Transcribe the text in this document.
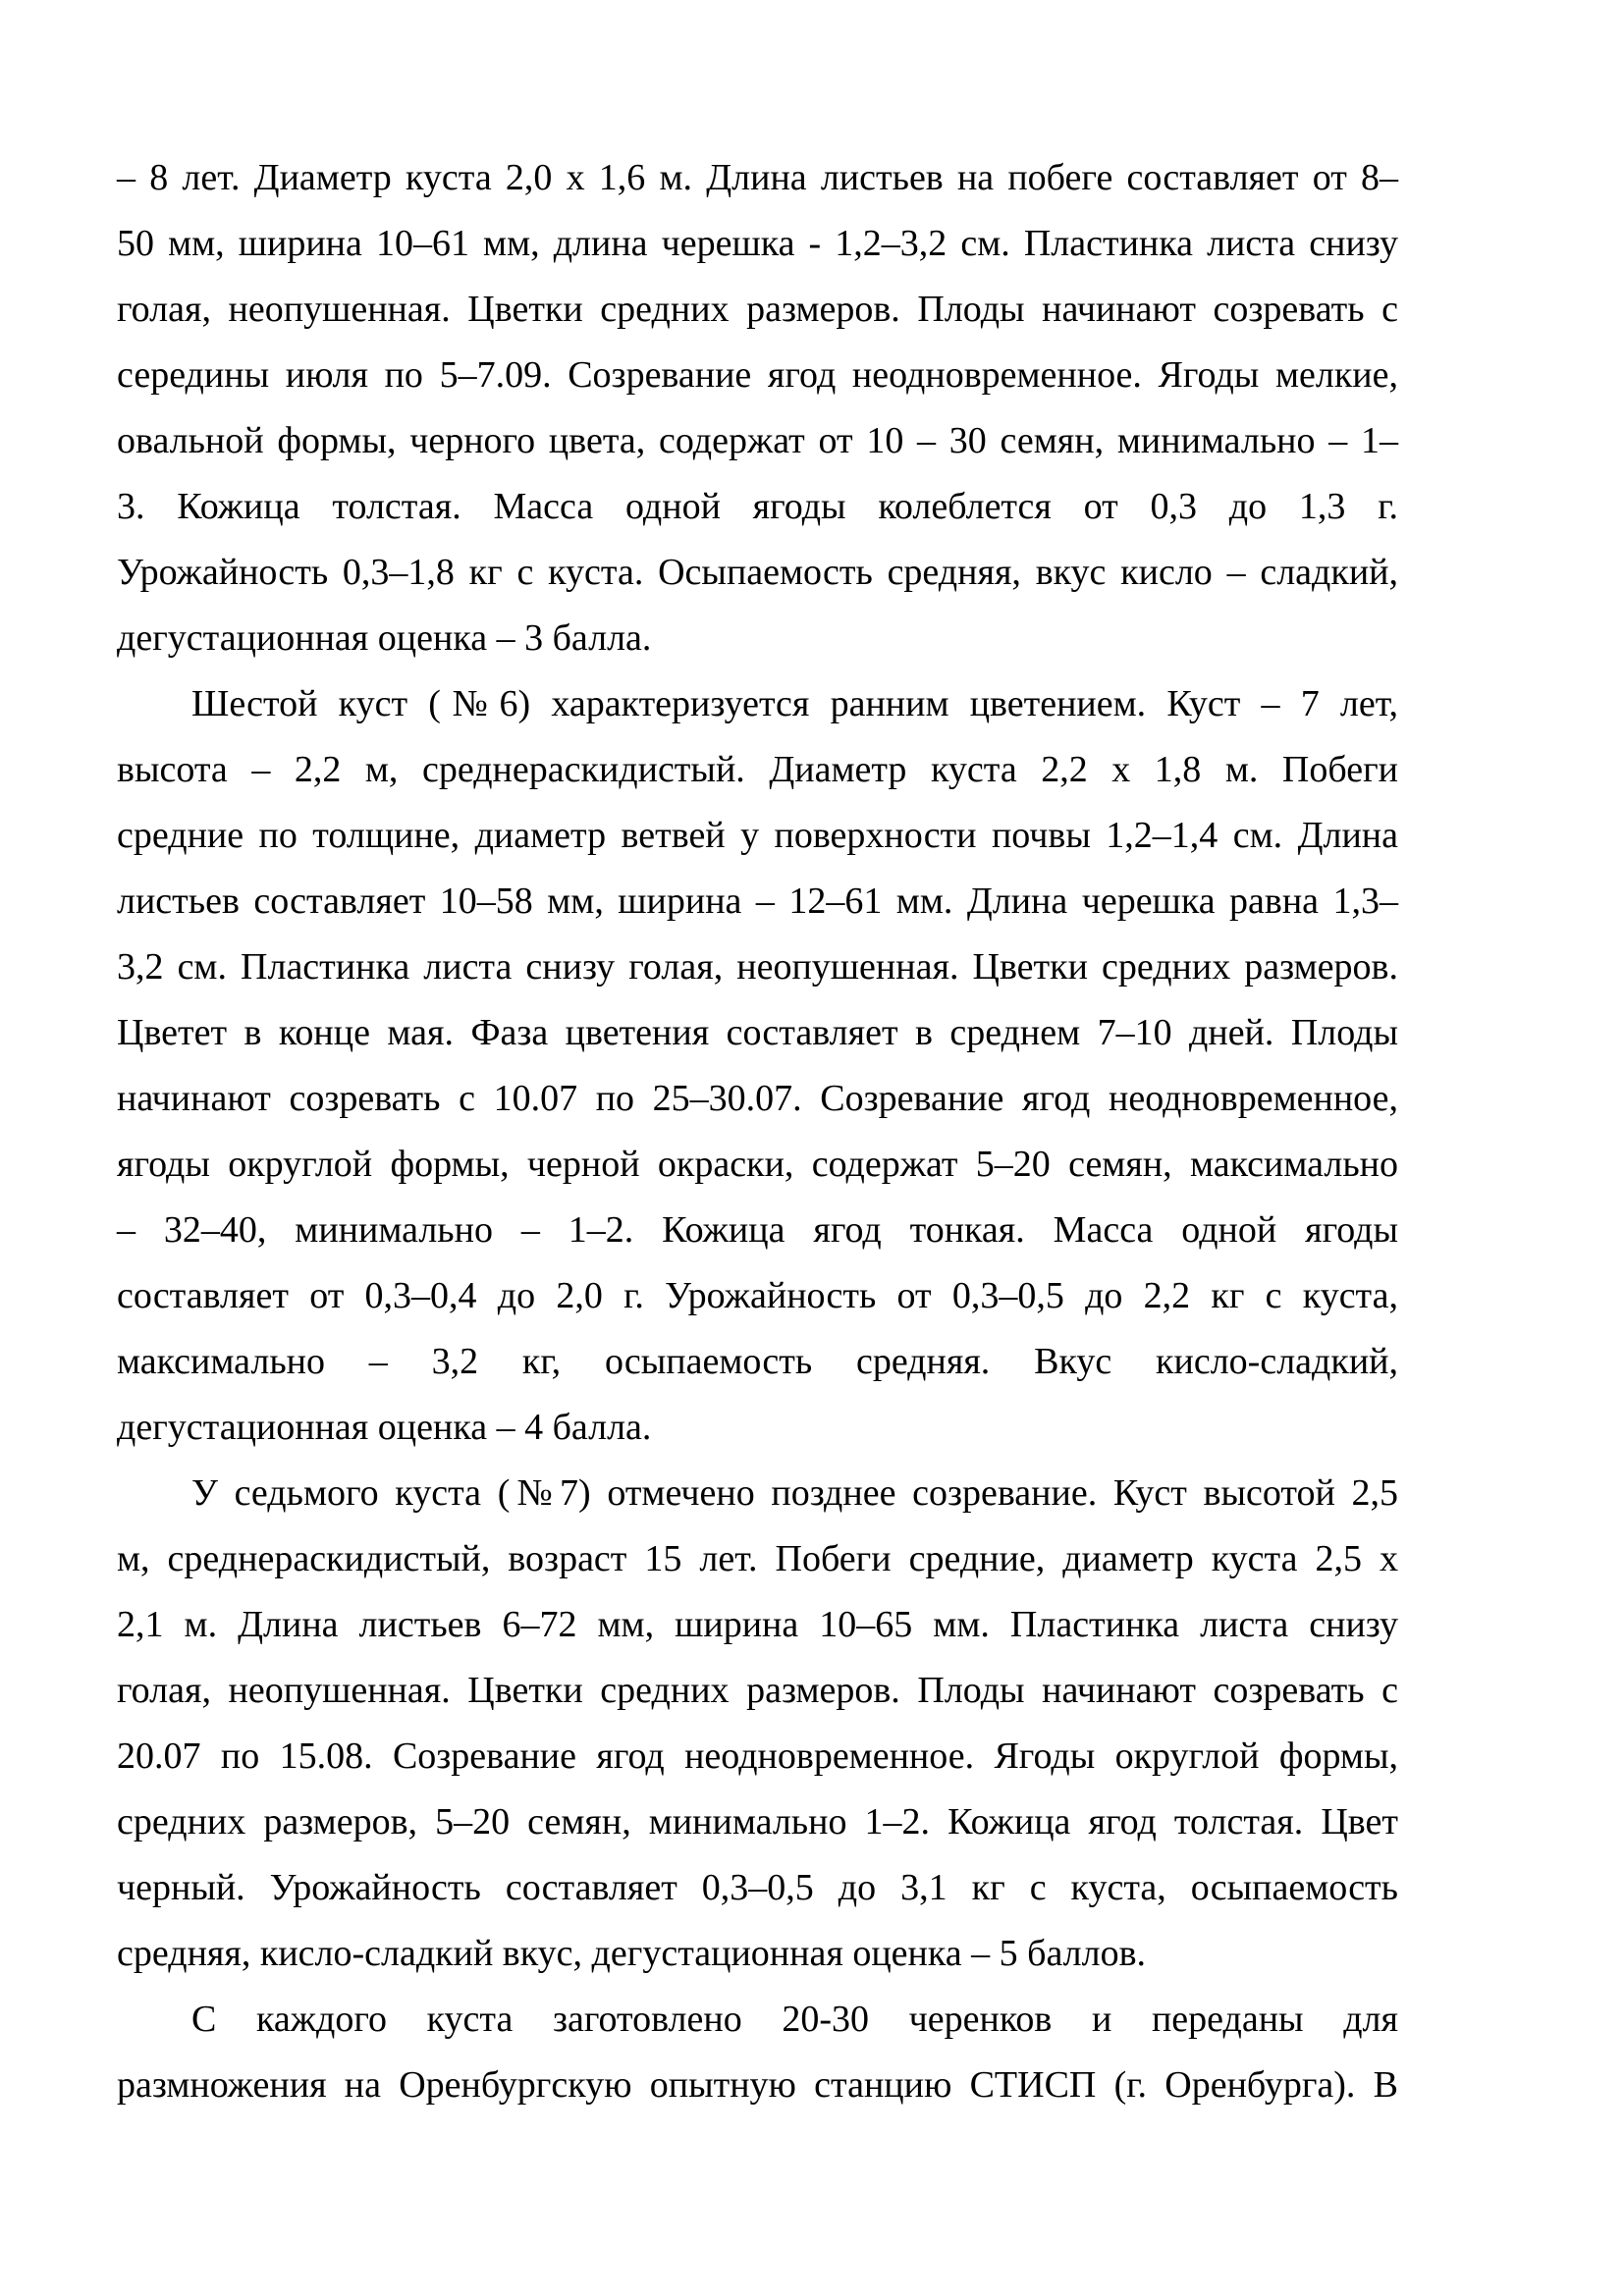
– 8 лет. Диаметр куста 2,0 х 1,6 м. Длина листьев на побеге составляет от 8–
50 мм, ширина 10–61 мм, длина черешка - 1,2–3,2 см. Пластинка листа снизу
голая, неопушенная. Цветки средних размеров. Плоды начинают созревать с
середины июля по 5–7.09. Созревание ягод неодновременное. Ягоды мелкие,
овальной формы, черного цвета, содержат от 10 – 30 семян, минимально – 1–
3. Кожица толстая. Масса одной ягоды колеблется от 0,3 до 1,3 г.
Урожайность 0,3–1,8 кг с куста. Осыпаемость средняя, вкус кисло – сладкий,
дегустационная оценка – 3 балла.
Шестой куст (№6) характеризуется ранним цветением. Куст – 7 лет,
высота – 2,2 м, среднераскидистый. Диаметр куста 2,2 х 1,8 м. Побеги
средние по толщине, диаметр ветвей у поверхности почвы 1,2–1,4 см. Длина
листьев составляет 10–58 мм, ширина – 12–61 мм. Длина черешка равна 1,3–
3,2 см. Пластинка листа снизу голая, неопушенная. Цветки средних размеров.
Цветет в конце мая. Фаза цветения составляет в среднем 7–10 дней. Плоды
начинают созревать с 10.07 по 25–30.07. Созревание ягод неодновременное,
ягоды округлой формы, черной окраски, содержат 5–20 семян, максимально
– 32–40, минимально – 1–2. Кожица ягод тонкая. Масса одной ягоды
составляет от 0,3–0,4 до 2,0 г. Урожайность от 0,3–0,5 до 2,2 кг с куста,
максимально – 3,2 кг, осыпаемость средняя. Вкус кисло-сладкий,
дегустационная оценка – 4 балла.
У седьмого куста (№7) отмечено позднее созревание. Куст высотой 2,5
м, среднераскидистый, возраст 15 лет. Побеги средние, диаметр куста 2,5 х
2,1 м. Длина листьев 6–72 мм, ширина 10–65 мм. Пластинка листа снизу
голая, неопушенная. Цветки средних размеров. Плоды начинают созревать с
20.07 по 15.08. Созревание ягод неодновременное. Ягоды округлой формы,
средних размеров, 5–20 семян, минимально 1–2. Кожица ягод толстая. Цвет
черный. Урожайность составляет 0,3–0,5 до 3,1 кг с куста, осыпаемость
средняя, кисло-сладкий вкус, дегустационная оценка – 5 баллов.
С каждого куста заготовлено 20-30 черенков и переданы для
размножения на Оренбургскую опытную станцию СТИСП (г. Оренбурга). В
